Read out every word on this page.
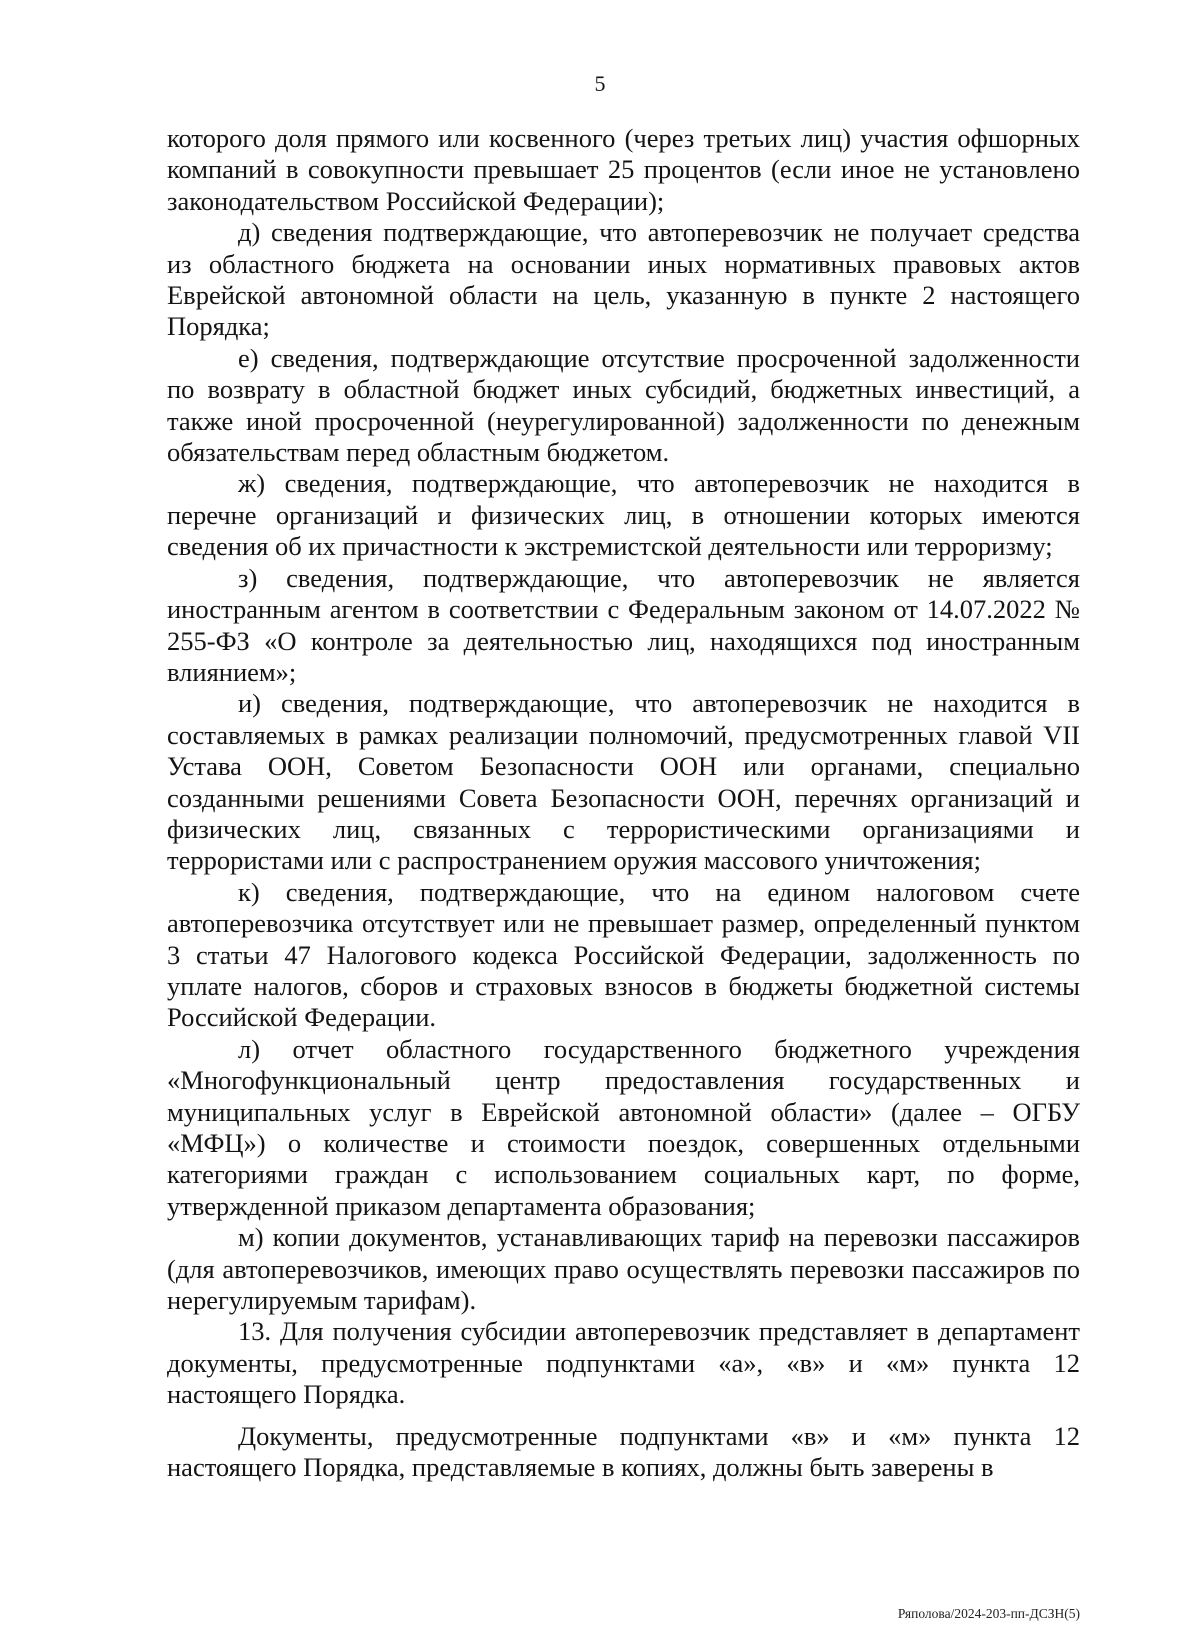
5

которого доля прямого или косвенного (через третьих лиц) участия офшорных компаний в совокупности превышает 25 процентов (если иное не установлено законодательством Российской Федерации);

д) сведения подтверждающие, что автоперевозчик не получает средства из областного бюджета на основании иных нормативных правовых актов Еврейской автономной области на цель, указанную в пункте 2 настоящего Порядка;

е) сведения, подтверждающие отсутствие просроченной задолженности по возврату в областной бюджет иных субсидий, бюджетных инвестиций, а также иной просроченной (неурегулированной) задолженности по денежным обязательствам перед областным бюджетом.

ж) сведения, подтверждающие, что автоперевозчик не находится в перечне организаций и физических лиц, в отношении которых имеются сведения об их причастности к экстремистской деятельности или терроризму;

з) сведения, подтверждающие, что автоперевозчик не является иностранным агентом в соответствии с Федеральным законом от 14.07.2022 № 255-ФЗ «О контроле за деятельностью лиц, находящихся под иностранным влиянием»;

и) сведения, подтверждающие, что автоперевозчик не находится в составляемых в рамках реализации полномочий, предусмотренных главой VII Устава ООН, Советом Безопасности ООН или органами, специально созданными решениями Совета Безопасности ООН, перечнях организаций и физических лиц, связанных с террористическими организациями и террористами или с распространением оружия массового уничтожения;

к) сведения, подтверждающие, что на едином налоговом счете автоперевозчика отсутствует или не превышает размер, определенный пунктом 3 статьи 47 Налогового кодекса Российской Федерации, задолженность по уплате налогов, сборов и страховых взносов в бюджеты бюджетной системы Российской Федерации.

л) отчет областного государственного бюджетного учреждения «Многофункциональный центр предоставления государственных и муниципальных услуг в Еврейской автономной области» (далее – ОГБУ «МФЦ») о количестве и стоимости поездок, совершенных отдельными категориями граждан с использованием социальных карт, по форме, утвержденной приказом департамента образования;

м) копии документов, устанавливающих тариф на перевозки пассажиров (для автоперевозчиков, имеющих право осуществлять перевозки пассажиров по нерегулируемым тарифам).

13. Для получения субсидии автоперевозчик представляет в департамент документы, предусмотренные подпунктами «а», «в» и «м» пункта 12 настоящего Порядка.

Документы, предусмотренные подпунктами «в» и «м» пункта 12 настоящего Порядка, представляемые в копиях, должны быть заверены в

Ряполова/2024-203-пп-ДСЗН(5)
